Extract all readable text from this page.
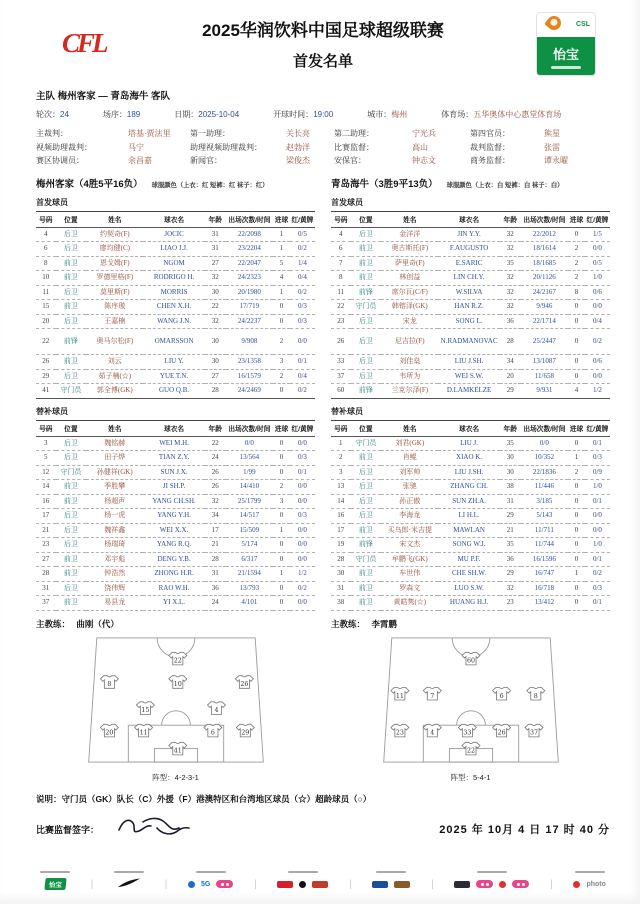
CFL	2025华润饮料中国足球超级联赛
首发名单
CSL
怡宝
主队 梅州客家 — 青岛海牛 客队
轮次：24	场序：189	日期：2025-10-04	开球时间：19:00	城市：梅州	体育场：五华奥体中心惠堂体育场
主裁判：	塔基·贾法里	第一助理：	关长亮	第二助理：	宁光兵	第四官员：	熊星
视频助理裁判：	马宁	助理视频助理裁判：	赵勃洋	比赛监督：	高山	裁判监督：	张雷
赛区协调员：	余昌嘉	新闻官：	梁俊杰	安保官：	钟志文	商务监督：	谭永曜
梅州客家（4胜5平16负） 球服颜色（上衣：红 短裤：红 袜子：红）
首发球员
号码	位置	姓名	球衣名	年龄	出场次数/时间	进球	红/黄牌
4	后卫	约契奇(F)	JOCIC	31	22/2098	1	0/5
6	后卫	廖均健(C)	LIAO J.J.	31	23/2204	1	0/2
8	前卫	恩戈姆(F)	NGOM	27	22/2047	5	1/4
10	前卫	罗德里格(F)	RODRIGO H.	32	24/2323	4	0/4
11	后卫	莫里斯(F)	MORRIS	30	20/1980	1	0/2
15	前卫	陈序璈	CHEN X.H.	22	17/719	0	0/3
20	后卫	王嘉楠	WANG J.N.	32	24/2237	0	0/3
22	前锋	奥马尔松(F)	OMARSSON	30	9/908	2	0/0
26	前卫	刘云	LIU Y.	30	23/1358	3	0/1
29	后卫	茹子楠(☆)	YUE T.N.	27	16/1579	2	0/4
41	守门员	郭全博(GK)	GUO Q.B.	28	24/2469	0	0/2
替补球员
号码	位置	姓名	球衣名	年龄	出场次数/时间	进球	红/黄牌
3	后卫	魏铭赫	WEI M.H.	22	0/0	0	0/0
5	后卫	田子烨	TIAN Z.Y.	24	13/564	0	0/3
12	守门员	孙健祥(GK)	SUN J.X.	26	1/99	0	0/1
14	前卫	季胜攀	JI SH.P.	26	14/410	2	0/0
16	前卫	杨超声	YANG CH.SH.	32	25/1799	3	0/0
17	后卫	杨一虎	YANG Y.H.	34	14/517	0	0/3
21	后卫	魏祥鑫	WEI X.X.	17	15/509	1	0/0
23	后卫	杨瑞琦	YANG R.Q.	21	5/174	0	0/0
27	前卫	邓宇彪	DENG Y.B.	28	6/317	0	0/0
28	前卫	钟浩然	ZHONG H.R.	31	21/1594	1	1/2
31	后卫	饶伟辉	RAO W.H.	36	13/793	0	0/2
37	前卫	易县龙	YI X.L.	24	4/101	0	0/0
主教练： 曲刚（代）
22
8	10	26
15	4
20	11	6	29
41
阵型：4-2-3-1
青岛海牛（3胜9平13负） 球服颜色（上衣：白 短裤：白 袜子：白）
首发球员
号码	位置	姓名	球衣名	年龄	出场次数/时间	进球	红/黄牌
4	后卫	金洋洋	JIN Y.Y.	32	22/2012	0	1/5
6	前卫	奥古斯托(F)	F.AUGUSTO	32	18/1614	2	0/0
7	前卫	萨里奇(F)	E.SARIC	35	18/1685	2	0/5
8	前卫	林创益	LIN CH.Y.	32	20/1126	2	1/0
11	前锋	席尔瓦(C/F)	W.SILVA	32	24/2167	8	0/6
22	守门员	韩镕泽(GK)	HAN R.Z.	32	9/946	0	0/0
23	后卫	宋龙	SONG L.	36	22/1714	0	0/4
26	后卫	尼吉拉(F)	N.RADMANOVAC	28	25/2447	0	0/2
33	后卫	刘佳燊	LIU J.SH.	34	13/1087	0	0/6
37	后卫	韦所为	WEI S.W.	20	11/658	0	0/0
60	前锋	兰克尔泽(F)	D.LAMKELZE	29	9/931	4	1/2
替补球员
号码	位置	姓名	球衣名	年龄	出场次数/时间	进球	红/黄牌
1	守门员	刘君(GK)	LIU J.	35	0/0	0	0/1
2	前卫	肖鲲	XIAO K.	30	10/352	1	0/3
3	后卫	刘军帅	LIU J.SH.	30	22/1836	2	0/9
13	后卫	张驰	ZHANG CH.	38	11/446	0	1/0
14	后卫	孙正傲	SUN ZH.A.	31	3/185	0	0/1
16	后卫	李海龙	LI H.L.	29	5/143	0	0/0
17	前卫	买乌郎·米吉提	MAWLAN	21	11/711	0	0/0
19	前锋	宋文杰	SONG W.J.	35	11/744	0	1/0
28	守门员	牟鹏飞(GK)	MU P.F.	36	16/1596	0	0/1
30	前卫	车世伟	CHE SH.W.	29	16/747	1	0/2
31	前卫	罗森文	LUO S.W.	32	16/718	0	0/3
38	前卫	黄皓隽(☆)	HUANG H.J.	23	13/412	0	0/1
主教练： 李霄鹏
60
11	7	6	8
23	4	33	26	37
22
阵型：5-4-1
说明：守门员（GK）队长（C）外援（F）港澳特区和台湾地区球员（☆）超龄球员（○）
比赛监督签字：	2025 年 10月 4 日 17 时 40 分
怡宝	|	|	5G	|	|	|	|	photo
